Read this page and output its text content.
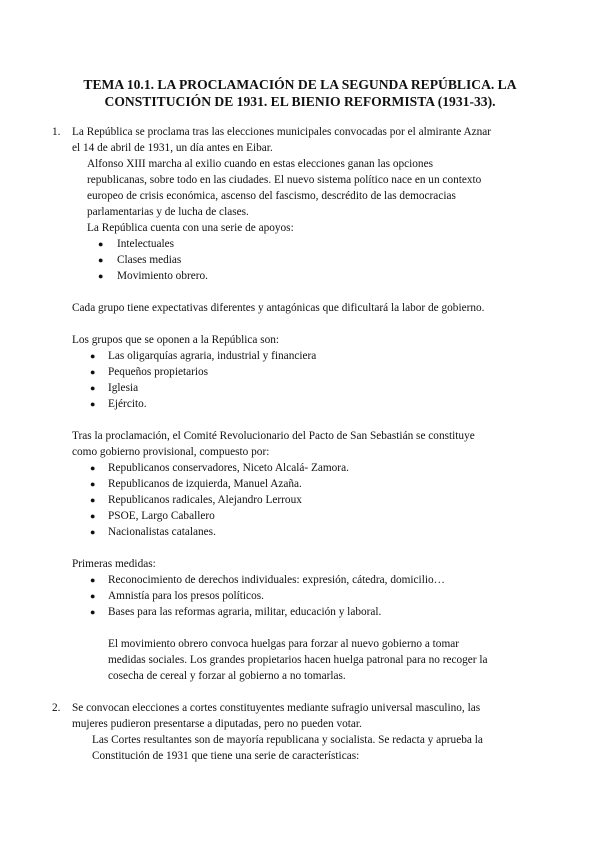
TEMA 10.1. LA PROCLAMACIÓN DE LA SEGUNDA REPÚBLICA. LA
CONSTITUCIÓN DE 1931. EL BIENIO REFORMISTA (1931-33).
1. La República se proclama tras las elecciones municipales convocadas por el almirante Aznar
el 14 de abril de 1931, un día antes en Eibar.
Alfonso XIII marcha al exilio cuando en estas elecciones ganan las opciones
republicanas, sobre todo en las ciudades. El nuevo sistema político nace en un contexto
europeo de crisis económica, ascenso del fascismo, descrédito de las democracias
parlamentarias y de lucha de clases.
La República cuenta con una serie de apoyos:
● Intelectuales
● Clases medias
● Movimiento obrero.
Cada grupo tiene expectativas diferentes y antagónicas que dificultará la labor de gobierno.
Los grupos que se oponen a la República son:
● Las oligarquías agraria, industrial y financiera
● Pequeños propietarios
● Iglesia
● Ejército.
Tras la proclamación, el Comité Revolucionario del Pacto de San Sebastián se constituye
como gobierno provisional, compuesto por:
● Republicanos conservadores, Niceto Alcalá- Zamora.
● Republicanos de izquierda, Manuel Azaña.
● Republicanos radicales, Alejandro Lerroux
● PSOE, Largo Caballero
● Nacionalistas catalanes.
Primeras medidas:
● Reconocimiento de derechos individuales: expresión, cátedra, domicilio…
● Amnistía para los presos políticos.
● Bases para las reformas agraria, militar, educación y laboral.
El movimiento obrero convoca huelgas para forzar al nuevo gobierno a tomar
medidas sociales. Los grandes propietarios hacen huelga patronal para no recoger la
cosecha de cereal y forzar al gobierno a no tomarlas.
2. Se convocan elecciones a cortes constituyentes mediante sufragio universal masculino, las
mujeres pudieron presentarse a diputadas, pero no pueden votar.
Las Cortes resultantes son de mayoría republicana y socialista. Se redacta y aprueba la
Constitución de 1931 que tiene una serie de características:
